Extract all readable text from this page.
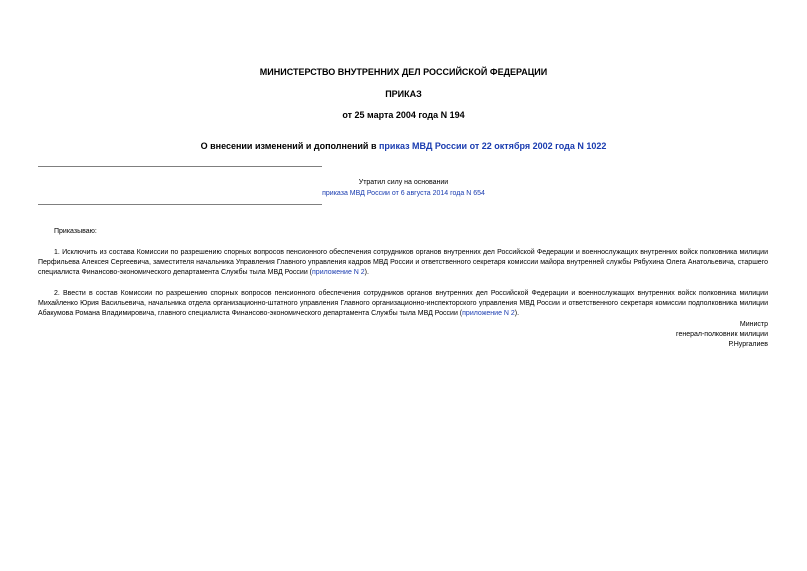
МИНИСТЕРСТВО ВНУТРЕННИХ ДЕЛ РОССИЙСКОЙ ФЕДЕРАЦИИ
ПРИКАЗ
от 25 марта 2004 года N 194
О внесении изменений и дополнений в приказ МВД России от 22 октября 2002 года N 1022
Утратил силу на основании
приказа МВД России от 6 августа 2014 года N 654
Приказываю:
1. Исключить из состава Комиссии по разрешению спорных вопросов пенсионного обеспечения сотрудников органов внутренних дел Российской Федерации и военнослужащих внутренних войск полковника милиции Перфильева Алексея Сергеевича, заместителя начальника Управления Главного управления кадров МВД России и ответственного секретаря комиссии майора внутренней службы Рябухина Олега Анатольевича, старшего специалиста Финансово-экономического департамента Службы тыла МВД России (приложение N 2).
2. Ввести в состав Комиссии по разрешению спорных вопросов пенсионного обеспечения сотрудников органов внутренних дел Российской Федерации и военнослужащих внутренних войск полковника милиции Михайленко Юрия Васильевича, начальника отдела организационно-штатного управления Главного организационно-инспекторского управления МВД России и ответственного секретаря комиссии подполковника милиции Абакумова Романа Владимировича, главного специалиста Финансово-экономического департамента Службы тыла МВД России (приложение N 2).
Министр
генерал-полковник милиции
Р.Нургалиев
